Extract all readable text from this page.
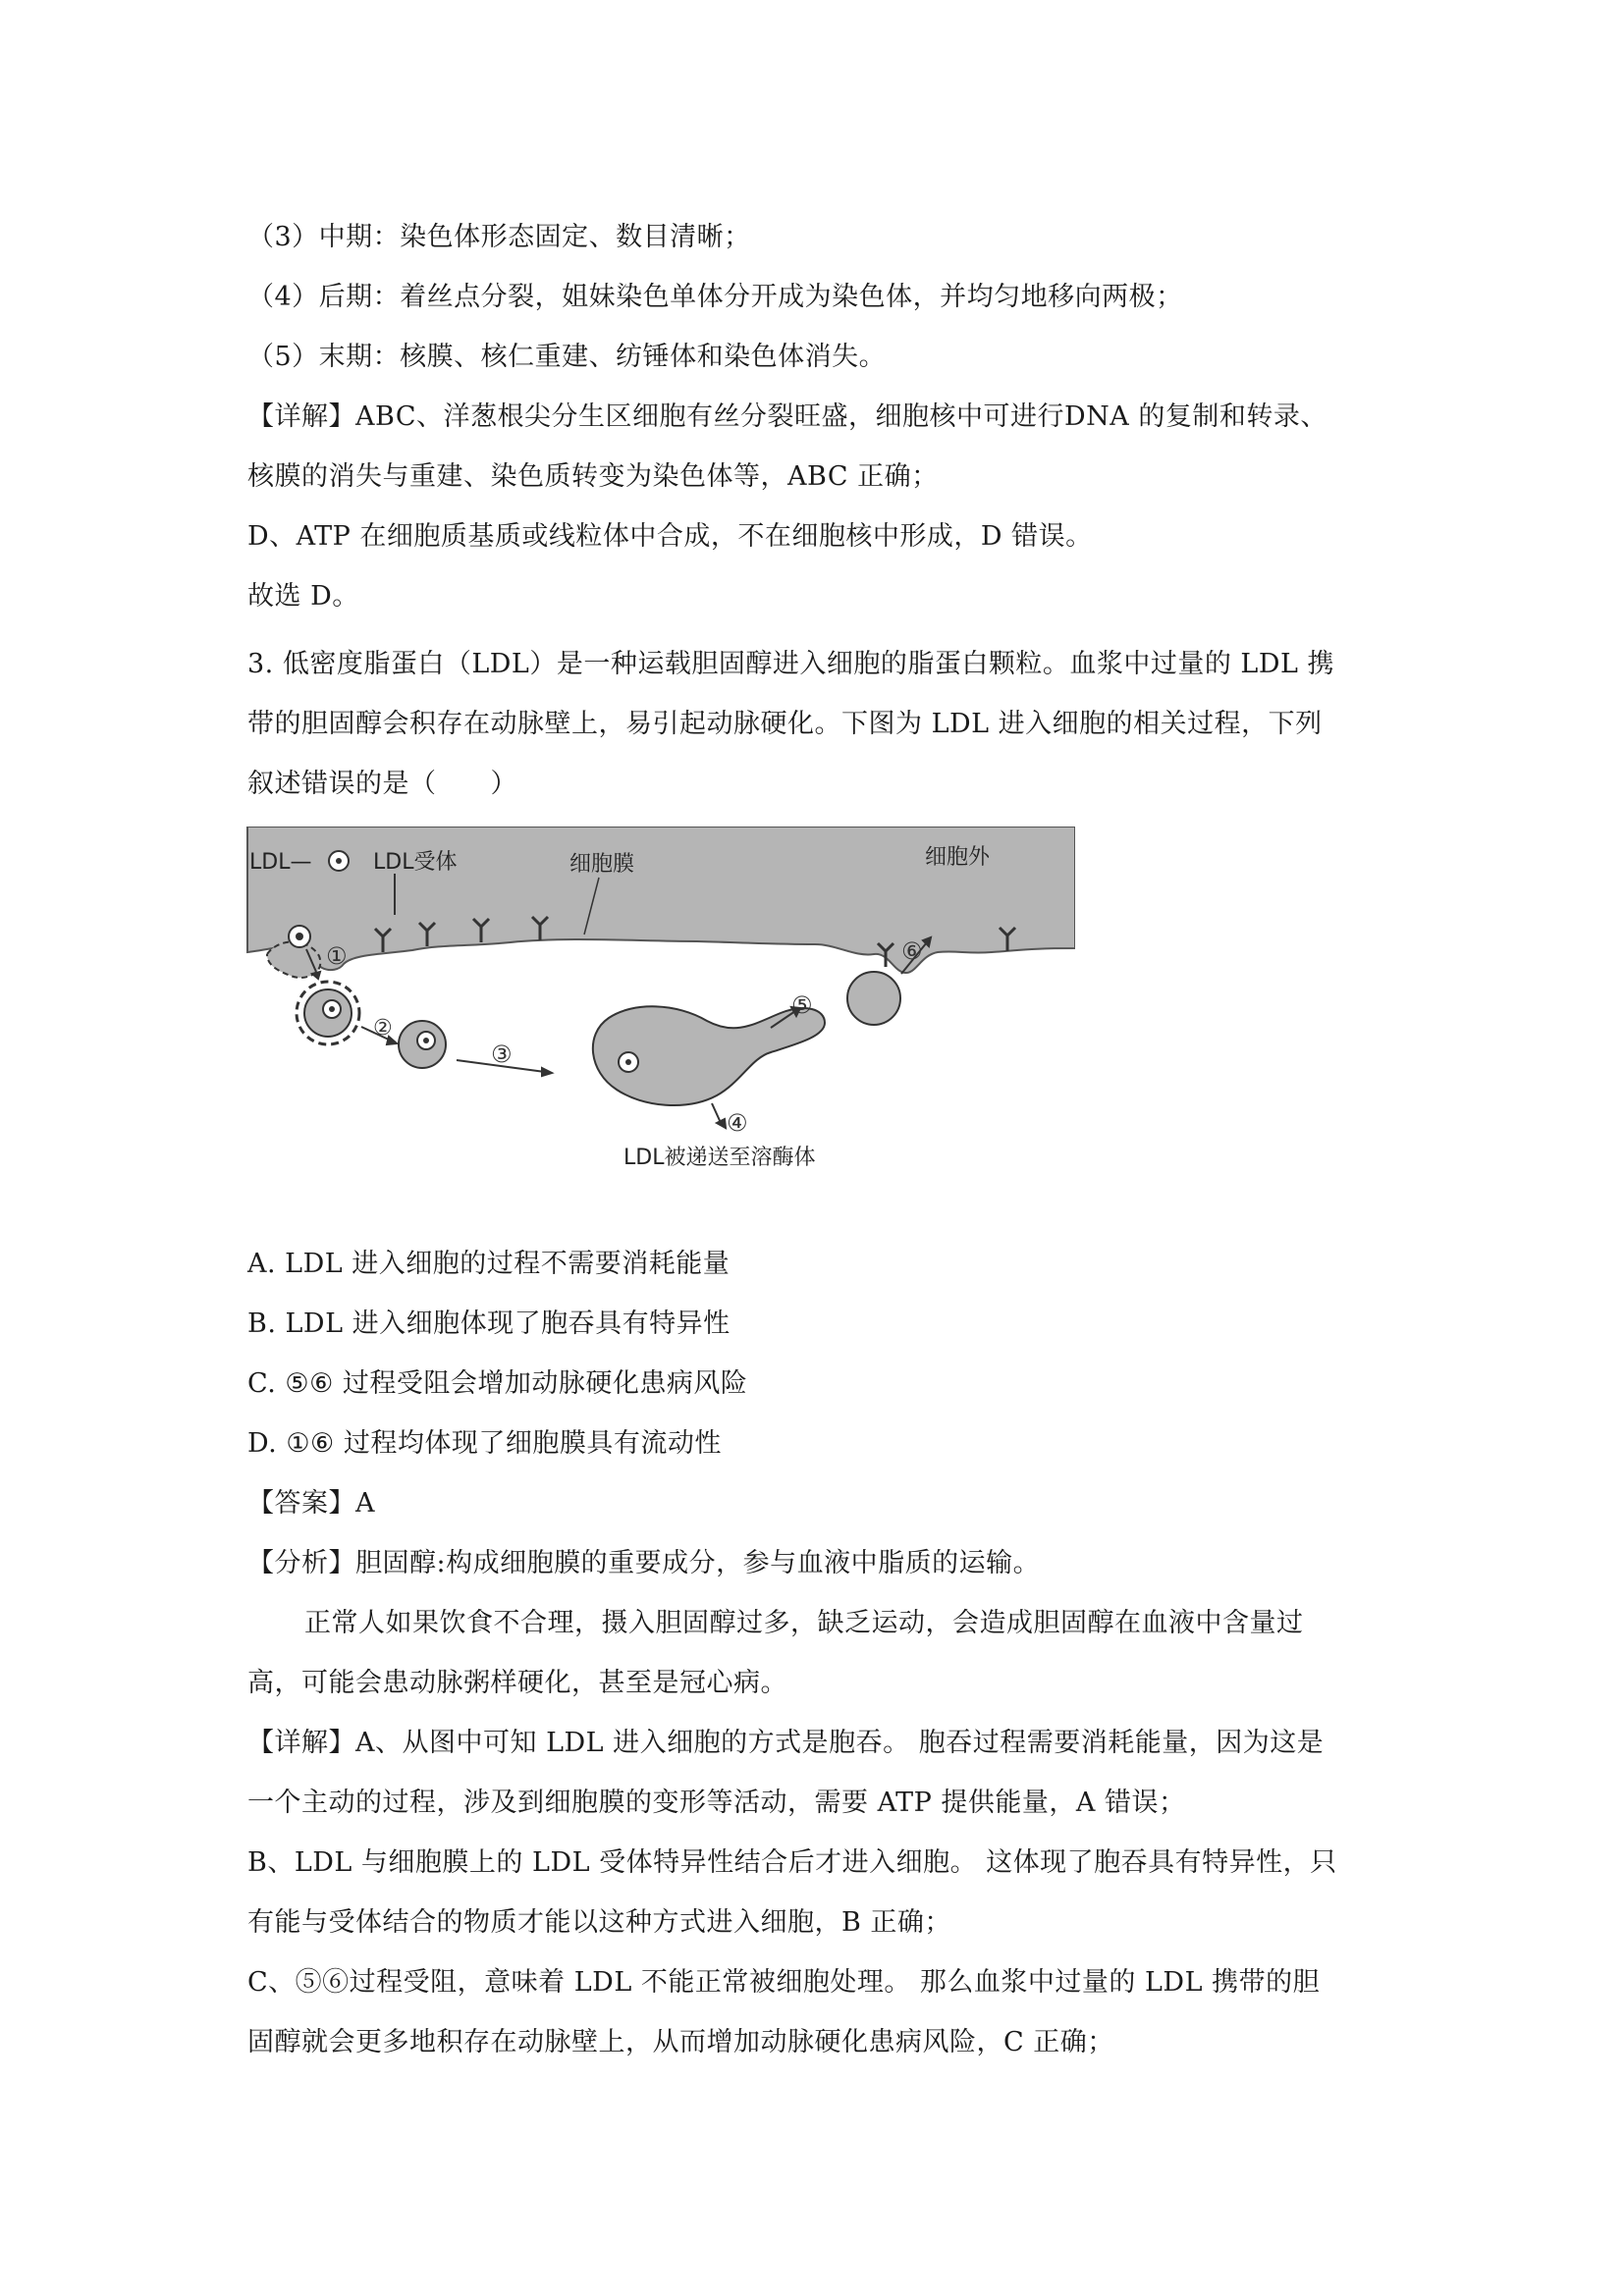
（3）中期：染色体形态固定、数目清晰；
（4）后期：着丝点分裂，姐妹染色单体分开成为染色体，并均匀地移向两极；
（5）末期：核膜、核仁重建、纺锤体和染色体消失。
【详解】ABC、洋葱根尖分生区细胞有丝分裂旺盛，细胞核中可进行DNA 的复制和转录、
核膜的消失与重建、染色质转变为染色体等，ABC 正确；
D、ATP 在细胞质基质或线粒体中合成，不在细胞核中形成，D 错误。
故选 D。
3. 低密度脂蛋白（LDL）是一种运载胆固醇进入细胞的脂蛋白颗粒。血浆中过量的 LDL 携
带的胆固醇会积存在动脉壁上，易引起动脉硬化。下图为 LDL 进入细胞的相关过程，下列
叙述错误的是（　　）
①
②
③
④
⑤
⑥
LDL—	LDL受体	细胞膜	细胞外
LDL被递送至溶酶体
A. LDL 进入细胞的过程不需要消耗能量
B. LDL 进入细胞体现了胞吞具有特异性
C. ⑤⑥ 过程受阻会增加动脉硬化患病风险
D. ①⑥ 过程均体现了细胞膜具有流动性
【答案】A
【分析】胆固醇:构成细胞膜的重要成分，参与血液中脂质的运输。
正常人如果饮食不合理，摄入胆固醇过多，缺乏运动，会造成胆固醇在血液中含量过
高，可能会患动脉粥样硬化，甚至是冠心病。
【详解】A、从图中可知 LDL 进入细胞的方式是胞吞。 胞吞过程需要消耗能量，因为这是
一个主动的过程，涉及到细胞膜的变形等活动，需要 ATP 提供能量，A 错误；
B、LDL 与细胞膜上的 LDL 受体特异性结合后才进入细胞。 这体现了胞吞具有特异性，只
有能与受体结合的物质才能以这种方式进入细胞，B 正确；
C、⑤⑥过程受阻，意味着 LDL 不能正常被细胞处理。 那么血浆中过量的 LDL 携带的胆
固醇就会更多地积存在动脉壁上，从而增加动脉硬化患病风险，C 正确；
